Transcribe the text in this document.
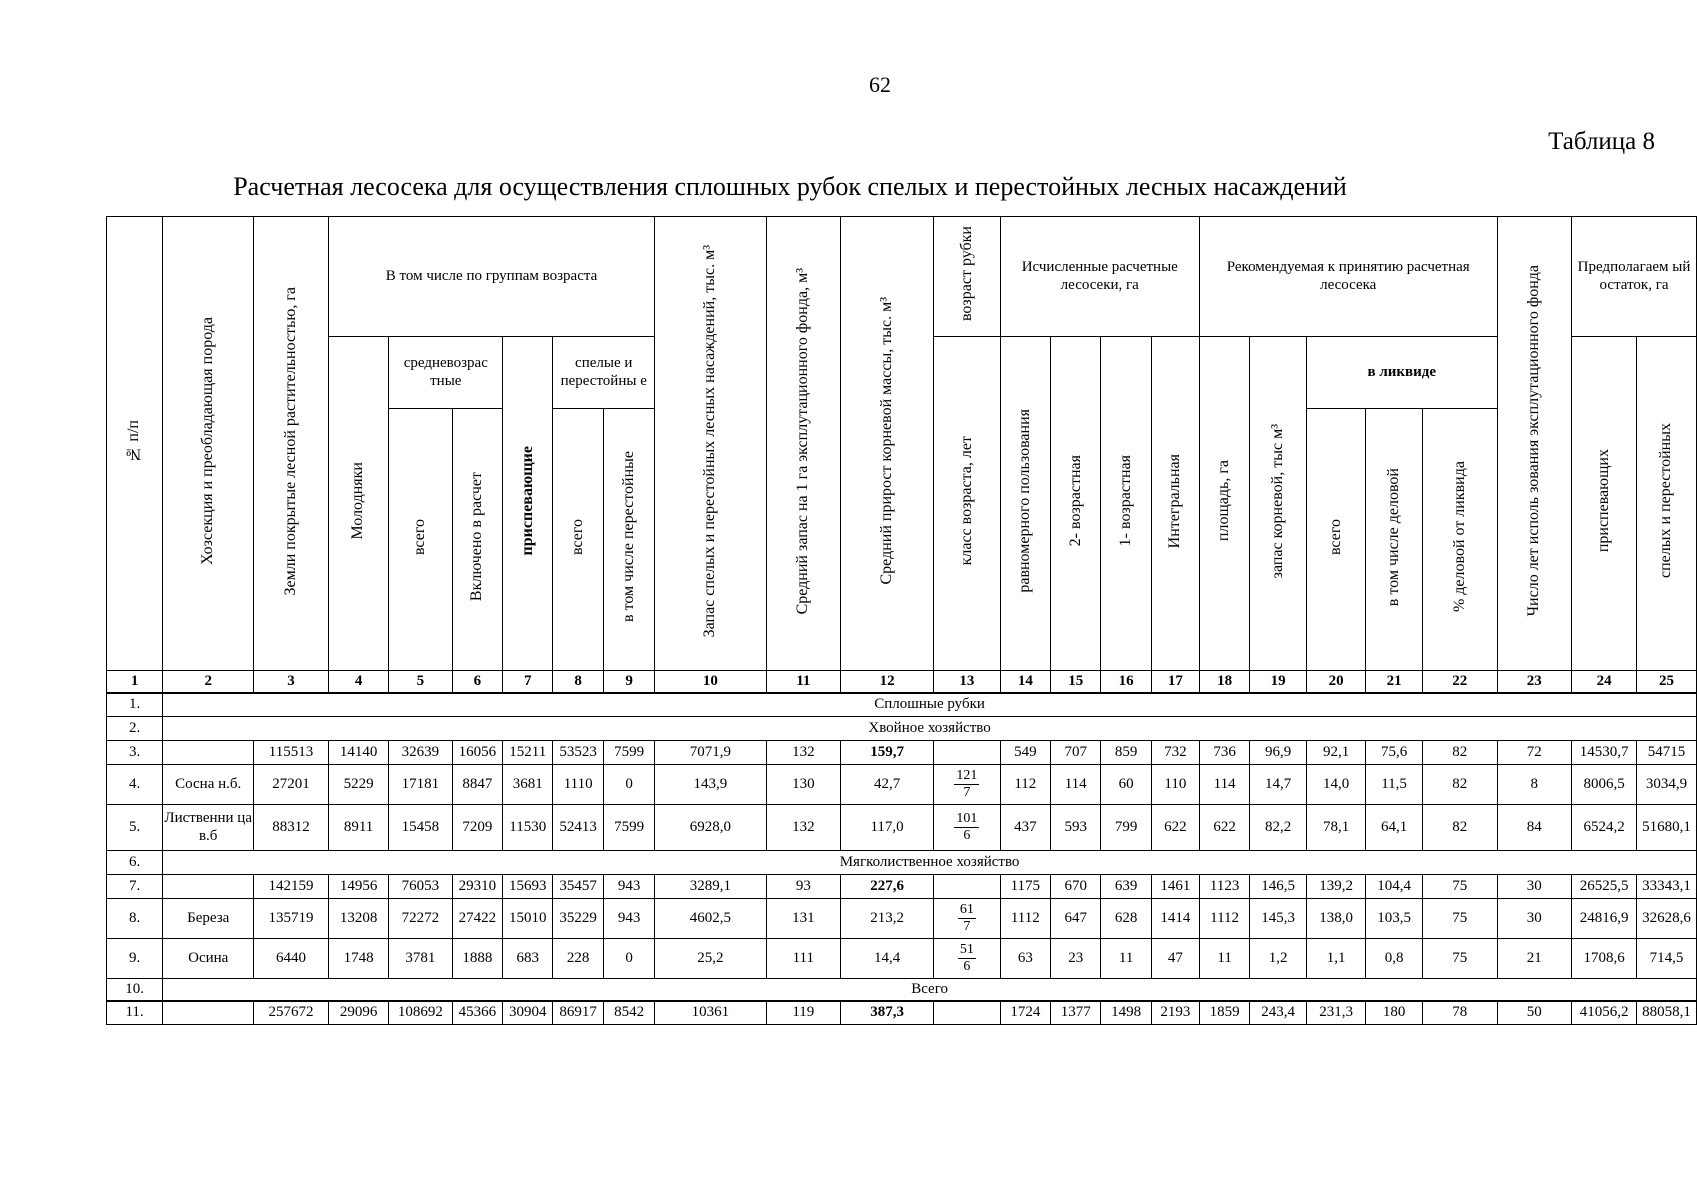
62
Таблица 8
Расчетная лесосека для осуществления сплошных рубок спелых и перестойных лесных насаждений
№ п/п	Хозсекция и преобладающая порода	Земли покрытые лесной растительностью, га	В том числе по группам возраста						Запас спелых и перестойных лесных насаждений, тыс. м³	Средний запас на 1 га эксплутационного фонда, м³	Средний прирост корневой массы, тыс. м³	возраст рубки	Исчисленные расчетные лесосеки, га				Рекомендуемая к принятию расчетная лесосека					Число лет исполь зования эксплутационного фонда	Предполагаем ый остаток, га	
			Молодняки	средневозрас тные		приспевающие	спелые и перестойны е					класс возраста, лет	равномерного пользования	2- возрастная	1- возрастная	Интегральная	площадь, га	запас корневой, тыс м³	в ликвиде				приспевающих	спелых и перестойных
				всего	Включено в расчет		всего	в том числе перестойные											всего	в том числе деловой	% деловой от ликвида			
1	2	3	4	5	6	7	8	9	10	11	12	13	14	15	16	17	18	19	20	21	22	23	24	25
1.	Сплошные рубки																							
2.	Хвойное хозяйство																							
3.		115513	14140	32639	16056	15211	53523	7599	7071,9	132	159,7		549	707	859	732	736	96,9	92,1	75,6	82	72	14530,7	54715
4.	Сосна н.б.	27201	5229	17181	8847	3681	1110	0	143,9	130	42,7	$\frac{121}{7}$	112	114	60	110	114	14,7	14,0	11,5	82	8	8006,5	3034,9
5.	Лиственни ца в.б	88312	8911	15458	7209	11530	52413	7599	6928,0	132	117,0	$\frac{101}{6}$	437	593	799	622	622	82,2	78,1	64,1	82	84	6524,2	51680,1
6.	Мягколиственное хозяйство																							
7.		142159	14956	76053	29310	15693	35457	943	3289,1	93	227,6		1175	670	639	1461	1123	146,5	139,2	104,4	75	30	26525,5	33343,1
8.	Береза	135719	13208	72272	27422	15010	35229	943	4602,5	131	213,2	$\frac{61}{7}$	1112	647	628	1414	1112	145,3	138,0	103,5	75	30	24816,9	32628,6
9.	Осина	6440	1748	3781	1888	683	228	0	25,2	111	14,4	$\frac{51}{6}$	63	23	11	47	11	1,2	1,1	0,8	75	21	1708,6	714,5
10.	Всего																							
11.		257672	29096	108692	45366	30904	86917	8542	10361	119	387,3		1724	1377	1498	2193	1859	243,4	231,3	180	78	50	41056,2	88058,1
